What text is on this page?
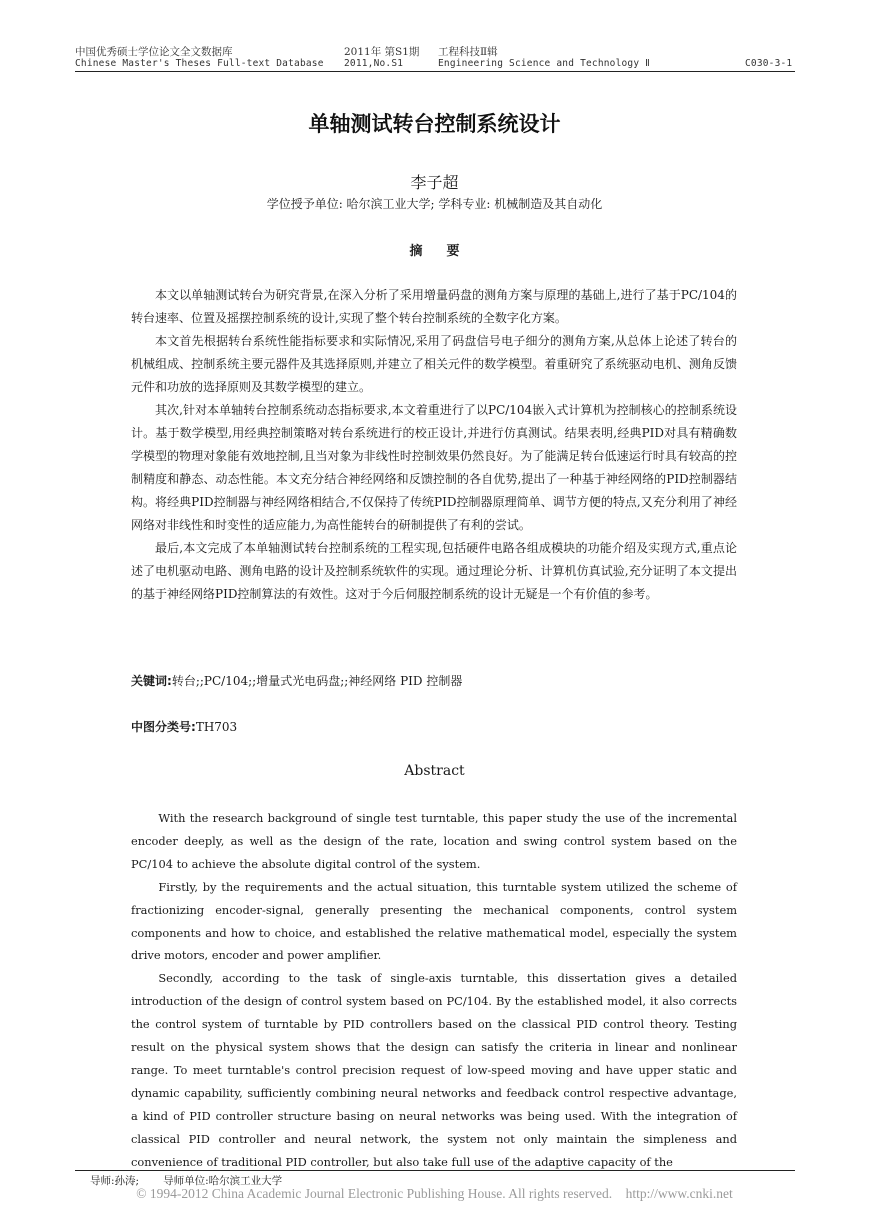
中国优秀硕士学位论文全文数据库	2011年 第S1期 工程科技Ⅱ辑
Chinese Master's Theses Full-text Database 2011,No.S1	Engineering Science and Technology Ⅱ	C030-3-1
单轴测试转台控制系统设计
李子超
学位授予单位: 哈尔滨工业大学; 学科专业: 机械制造及其自动化
摘要

本文以单轴测试转台为研究背景,在深入分析了采用增量码盘的测角方案与原理的基础上,进行了基于PC/104的转台速率、位置及摇摆控制系统的设计,实现了整个转台控制系统的全数字化方案。

本文首先根据转台系统性能指标要求和实际情况,采用了码盘信号电子细分的测角方案,从总体上论述了转台的机械组成、控制系统主要元器件及其选择原则,并建立了相关元件的数学模型。着重研究了系统驱动电机、测角反馈元件和功放的选择原则及其数学模型的建立。

其次,针对本单轴转台控制系统动态指标要求,本文着重进行了以PC/104嵌入式计算机为控制核心的控制系统设计。基于数学模型,用经典控制策略对转台系统进行的校正设计,并进行仿真测试。结果表明,经典PID对具有精确数学模型的物理对象能有效地控制,且当对象为非线性时控制效果仍然良好。为了能满足转台低速运行时具有较高的控制精度和静态、动态性能。本文充分结合神经网络和反馈控制的各自优势,提出了一种基于神经网络的PID控制器结构。将经典PID控制器与神经网络相结合,不仅保持了传统PID控制器原理简单、调节方便的特点,又充分利用了神经网络对非线性和时变性的适应能力,为高性能转台的研制提供了有利的尝试。

最后,本文完成了本单轴测试转台控制系统的工程实现,包括硬件电路各组成模块的功能介绍及实现方式,重点论述了电机驱动电路、测角电路的设计及控制系统软件的实现。通过理论分析、计算机仿真试验,充分证明了本文提出的基于神经网络PID控制算法的有效性。这对于今后伺服控制系统的设计无疑是一个有价值的参考。

关键词:转台;;PC/104;;增量式光电码盘;;神经网络 PID 控制器
中图分类号:TH703
Abstract

With the research background of single test turntable, this paper study the use of the incremental encoder deeply, as well as the design of the rate, location and swing control system based on the PC/104 to achieve the absolute digital control of the system.

Firstly, by the requirements and the actual situation, this turntable system utilized the scheme of fractionizing encoder-signal, generally presenting the mechanical components, control system components and how to choice, and established the relative mathematical model, especially the system drive motors, encoder and power amplifier.

Secondly, according to the task of single-axis turntable, this dissertation gives a detailed introduction of the design of control system based on PC/104. By the established model, it also corrects the control system of turntable by PID controllers based on the classical PID control theory. Testing result on the physical system shows that the design can satisfy the criteria in linear and nonlinear range. To meet turntable's control precision request of low-speed moving and have upper static and dynamic capability, sufficiently combining neural networks and feedback control respective advantage, a kind of PID controller structure basing on neural networks was being used. With the integration of classical PID controller and neural network, the system not only maintain the simpleness and convenience of traditional PID controller, but also take full use of the adaptive capacity of the

导师:孙涛; 导师单位:哈尔滨工业大学
© 1994-2012 China Academic Journal Electronic Publishing House. All rights reserved.    http://www.cnki.net
